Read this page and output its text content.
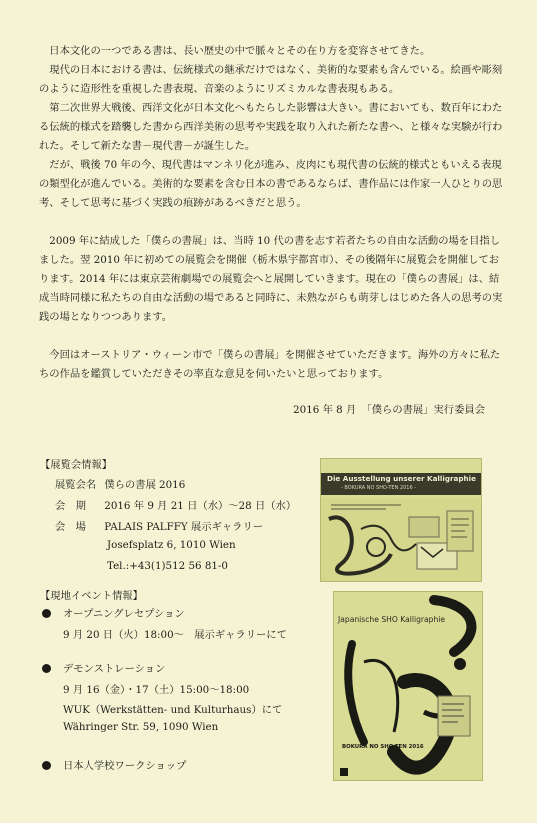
日本文化の一つである書は、長い歴史の中で脈々とその在り方を変容させてきた。

現代の日本における書は、伝統様式の継承だけではなく、美術的な要素も含んでいる。絵画や彫刻のように造形性を重視した書表現、音楽のようにリズミカルな書表現もある。

第二次世界大戦後、西洋文化が日本文化へもたらした影響は大きい。書においても、数百年にわたる伝統的様式を踏襲した書から西洋美術の思考や実践を取り入れた新たな書へ、と様々な実験が行われた。そして新たな書－現代書－が誕生した。

だが、戦後 70 年の今、現代書はマンネリ化が進み、皮肉にも現代書の伝統的様式ともいえる表現の類型化が進んでいる。美術的な要素を含む日本の書であるならば、書作品には作家一人ひとりの思考、そして思考に基づく実践の痕跡があるべきだと思う。

2009 年に結成した「僕らの書展」は、当時 10 代の書を志す若者たちの自由な活動の場を目指しました。翌 2010 年に初めての展覧会を開催（栃木県宇都宮市）、その後隔年に展覧会を開催しております。2014 年には東京芸術劇場での展覧会へと展開していきます。現在の「僕らの書展」は、結成当時同様に私たちの自由な活動の場であると同時に、未熟ながらも萌芽しはじめた各人の思考の実践の場となりつつあります。

今回はオーストリア・ウィーン市で「僕らの書展」を開催させていただきます。海外の方々に私たちの作品を鑑賞していただきその率直な意見を伺いたいと思っております。

2016 年 8 月　「僕らの書展」実行委員会
【展覧会情報】
展覧会名 僕らの書展 2016
会　期 2016 年 9 月 21 日（水）～28 日（水）
会　場 PALAIS PALFFY 展示ギャラリー
Josefsplatz 6, 1010 Wien
Tel.:+43(1)512 56 81-0
【現地イベント情報】
オープニングレセプション
9 月 20 日（火）18:00～　展示ギャラリーにて
デモンストレーション
9 月 16（金）・17（土）15:00～18:00
WUK（Werkstätten- und Kulturhaus）にて
Währinger Str. 59, 1090 Wien
日本人学校ワークショップ
Die Ausstellung unserer Kalligraphie
- BOKURA NO SHO-TEN 2016 -
Japanische SHO Kalligraphie
BOKURA NO SHO-TEN 2016
